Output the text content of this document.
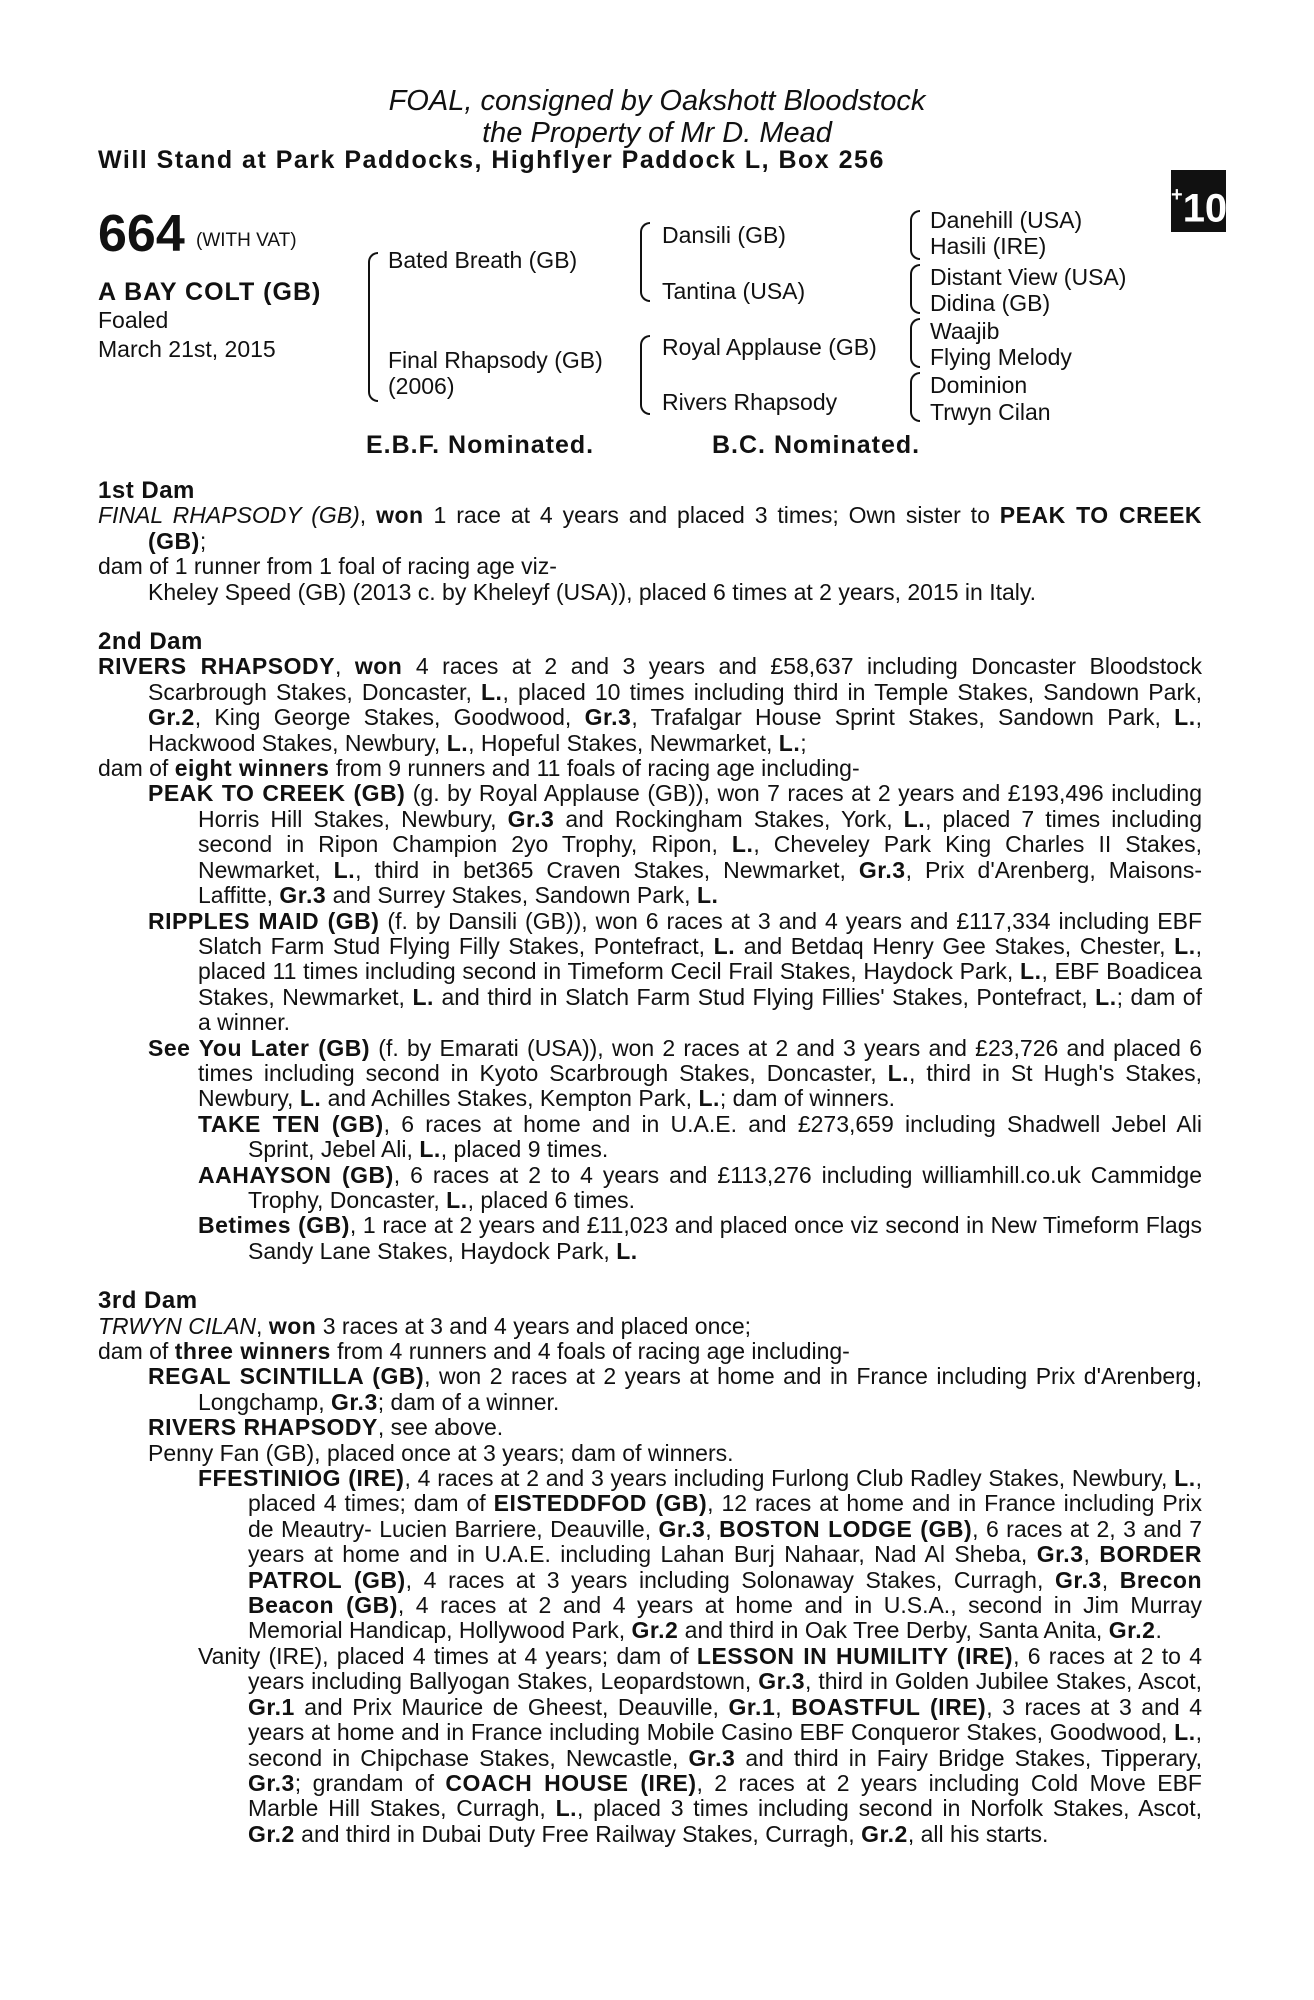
FOAL, consigned by Oakshott Bloodstock
the Property of Mr D. Mead
Will Stand at Park Paddocks, Highflyer Paddock L, Box 256
+10
664 (WITH VAT)
A BAY COLT (GB)
Foaled
March 21st, 2015
Bated Breath (GB)
Final Rhapsody (GB)
(2006)
Dansili (GB)
Tantina (USA)
Royal Applause (GB)
Rivers Rhapsody
Danehill (USA)
Hasili (IRE)
Distant View (USA)
Didina (GB)
Waajib
Flying Melody
Dominion
Trwyn Cilan
E.B.F. Nominated.	B.C. Nominated.

1st Dam

FINAL RHAPSODY (GB), won 1 race at 4 years and placed 3 times; Own sister to PEAK TO CREEK (GB);

dam of 1 runner from 1 foal of racing age viz-

Kheley Speed (GB) (2013 c. by Kheleyf (USA)), placed 6 times at 2 years, 2015 in Italy.

2nd Dam

RIVERS RHAPSODY, won 4 races at 2 and 3 years and £58,637 including Doncaster Bloodstock Scarbrough Stakes, Doncaster, L., placed 10 times including third in Temple Stakes, Sandown Park, Gr.2, King George Stakes, Goodwood, Gr.3, Trafalgar House Sprint Stakes, Sandown Park, L., Hackwood Stakes, Newbury, L., Hopeful Stakes, Newmarket, L.;

dam of eight winners from 9 runners and 11 foals of racing age including-

PEAK TO CREEK (GB) (g. by Royal Applause (GB)), won 7 races at 2 years and £193,496 including Horris Hill Stakes, Newbury, Gr.3 and Rockingham Stakes, York, L., placed 7 times including second in Ripon Champion 2yo Trophy, Ripon, L., Cheveley Park King Charles II Stakes, Newmarket, L., third in bet365 Craven Stakes, Newmarket, Gr.3, Prix d'Arenberg, Maisons-Laffitte, Gr.3 and Surrey Stakes, Sandown Park, L.

RIPPLES MAID (GB) (f. by Dansili (GB)), won 6 races at 3 and 4 years and £117,334 including EBF Slatch Farm Stud Flying Filly Stakes, Pontefract, L. and Betdaq Henry Gee Stakes, Chester, L., placed 11 times including second in Timeform Cecil Frail Stakes, Haydock Park, L., EBF Boadicea Stakes, Newmarket, L. and third in Slatch Farm Stud Flying Fillies' Stakes, Pontefract, L.; dam of a winner.

See You Later (GB) (f. by Emarati (USA)), won 2 races at 2 and 3 years and £23,726 and placed 6 times including second in Kyoto Scarbrough Stakes, Doncaster, L., third in St Hugh's Stakes, Newbury, L. and Achilles Stakes, Kempton Park, L.; dam of winners.

TAKE TEN (GB), 6 races at home and in U.A.E. and £273,659 including Shadwell Jebel Ali Sprint, Jebel Ali, L., placed 9 times.

AAHAYSON (GB), 6 races at 2 to 4 years and £113,276 including williamhill.co.uk Cammidge Trophy, Doncaster, L., placed 6 times.

Betimes (GB), 1 race at 2 years and £11,023 and placed once viz second in New Timeform Flags Sandy Lane Stakes, Haydock Park, L.

3rd Dam

TRWYN CILAN, won 3 races at 3 and 4 years and placed once;

dam of three winners from 4 runners and 4 foals of racing age including-

REGAL SCINTILLA (GB), won 2 races at 2 years at home and in France including Prix d'Arenberg, Longchamp, Gr.3; dam of a winner.

RIVERS RHAPSODY, see above.

Penny Fan (GB), placed once at 3 years; dam of winners.

FFESTINIOG (IRE), 4 races at 2 and 3 years including Furlong Club Radley Stakes, Newbury, L., placed 4 times; dam of EISTEDDFOD (GB), 12 races at home and in France including Prix de Meautry- Lucien Barriere, Deauville, Gr.3, BOSTON LODGE (GB), 6 races at 2, 3 and 7 years at home and in U.A.E. including Lahan Burj Nahaar, Nad Al Sheba, Gr.3, BORDER PATROL (GB), 4 races at 3 years including Solonaway Stakes, Curragh, Gr.3, Brecon Beacon (GB), 4 races at 2 and 4 years at home and in U.S.A., second in Jim Murray Memorial Handicap, Hollywood Park, Gr.2 and third in Oak Tree Derby, Santa Anita, Gr.2.

Vanity (IRE), placed 4 times at 4 years; dam of LESSON IN HUMILITY (IRE), 6 races at 2 to 4 years including Ballyogan Stakes, Leopardstown, Gr.3, third in Golden Jubilee Stakes, Ascot, Gr.1 and Prix Maurice de Gheest, Deauville, Gr.1, BOASTFUL (IRE), 3 races at 3 and 4 years at home and in France including Mobile Casino EBF Conqueror Stakes, Goodwood, L., second in Chipchase Stakes, Newcastle, Gr.3 and third in Fairy Bridge Stakes, Tipperary, Gr.3; grandam of COACH HOUSE (IRE), 2 races at 2 years including Cold Move EBF Marble Hill Stakes, Curragh, L., placed 3 times including second in Norfolk Stakes, Ascot, Gr.2 and third in Dubai Duty Free Railway Stakes, Curragh, Gr.2, all his starts.
